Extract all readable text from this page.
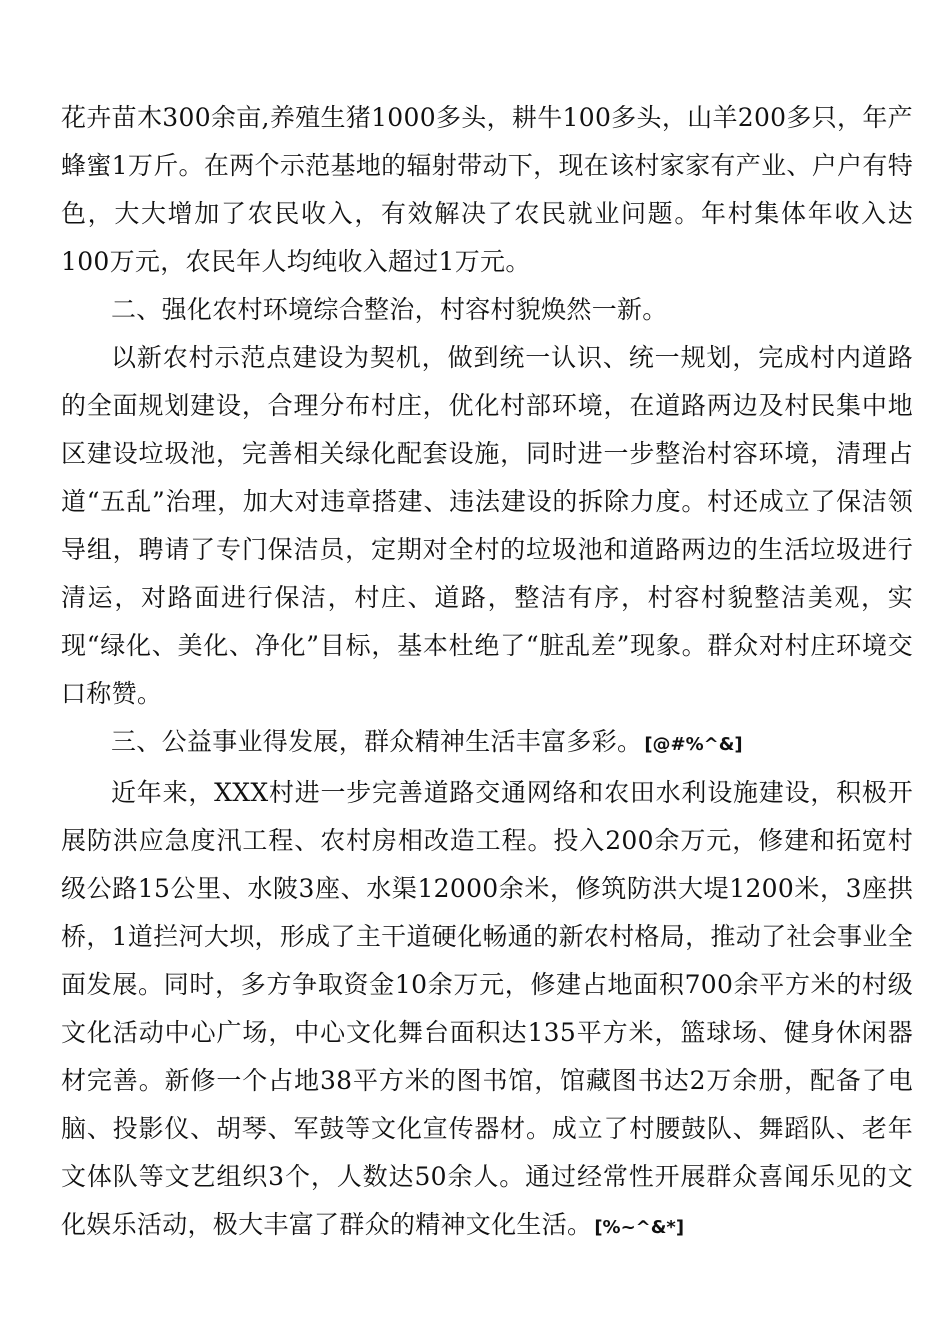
花卉苗木300余亩,养殖生猪1000多头，耕牛100多头，山羊200多只，年产蜂蜜1万斤。在两个示范基地的辐射带动下，现在该村家家有产业、户户有特色，大大增加了农民收入，有效解决了农民就业问题。年村集体年收入达100万元，农民年人均纯收入超过1万元。

二、强化农村环境综合整治，村容村貌焕然一新。

以新农村示范点建设为契机，做到统一认识、统一规划，完成村内道路的全面规划建设，合理分布村庄，优化村部环境，在道路两边及村民集中地区建设垃圾池，完善相关绿化配套设施，同时进一步整治村容环境，清理占道“五乱”治理，加大对违章搭建、违法建设的拆除力度。村还成立了保洁领导组，聘请了专门保洁员，定期对全村的垃圾池和道路两边的生活垃圾进行清运，对路面进行保洁，村庄、道路，整洁有序，村容村貌整洁美观，实现“绿化、美化、净化”目标，基本杜绝了“脏乱差”现象。群众对村庄环境交口称赞。

三、公益事业得发展，群众精神生活丰富多彩。 [@#%^&]

近年来，XXX村进一步完善道路交通网络和农田水利设施建设，积极开展防洪应急度汛工程、农村房相改造工程。投入200余万元，修建和拓宽村级公路15公里、水陂3座、水渠12000余米，修筑防洪大堤1200米，3座拱桥，1道拦河大坝，形成了主干道硬化畅通的新农村格局，推动了社会事业全面发展。同时，多方争取资金10余万元，修建占地面积700余平方米的村级文化活动中心广场，中心文化舞台面积达135平方米，篮球场、健身休闲器材完善。新修一个占地38平方米的图书馆，馆藏图书达2万余册，配备了电脑、投影仪、胡琴、军鼓等文化宣传器材。成立了村腰鼓队、舞蹈队、老年文体队等文艺组织3个，人数达50余人。通过经常性开展群众喜闻乐见的文化娱乐活动，极大丰富了群众的精神文化生活。 [%~^&*]
